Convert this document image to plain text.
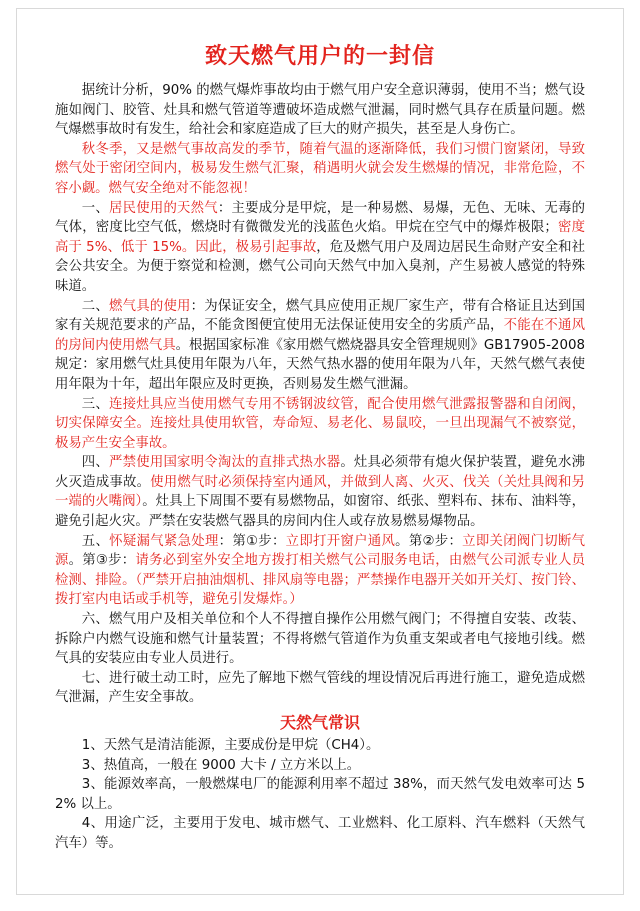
致天燃气用户的一封信

据统计分析，90% 的燃气爆炸事故均由于燃气用户安全意识薄弱，使用不当；燃气设施如阀门、胶管、灶具和燃气管道等遭破坏造成燃气泄漏，同时燃气具存在质量问题。燃气爆燃事故时有发生，给社会和家庭造成了巨大的财产损失，甚至是人身伤亡。

秋冬季，又是燃气事故高发的季节，随着气温的逐渐降低，我们习惯门窗紧闭，导致燃气处于密闭空间内，极易发生燃气汇聚，稍遇明火就会发生燃爆的情况，非常危险，不容小觑。燃气安全绝对不能忽视！

一、居民使用的天然气：主要成分是甲烷，是一种易燃、易爆，无色、无味、无毒的气体，密度比空气低，燃烧时有微微发光的浅蓝色火焰。甲烷在空气中的爆炸极限；密度高于 5%、低于 15%。因此，极易引起事故，危及燃气用户及周边居民生命财产安全和社会公共安全。为便于察觉和检测，燃气公司向天然气中加入臭剂，产生易被人感觉的特殊味道。

二、燃气具的使用：为保证安全，燃气具应使用正规厂家生产，带有合格证且达到国家有关规范要求的产品，不能贪图便宜使用无法保证使用安全的劣质产品，不能在不通风的房间内使用燃气具。根据国家标准《家用燃气燃烧器具安全管理规则》GB17905-2008 规定：家用燃气灶具使用年限为八年，天然气热水器的使用年限为八年，天然气燃气表使用年限为十年，超出年限应及时更换，否则易发生燃气泄漏。

三、连接灶具应当使用燃气专用不锈钢波纹管，配合使用燃气泄露报警器和自闭阀，切实保障安全。连接灶具使用软管，寿命短、易老化、易鼠咬，一旦出现漏气不被察觉，极易产生安全事故。

四、严禁使用国家明令淘汰的直排式热水器。灶具必须带有熄火保护装置，避免水沸火灭造成事故。使用燃气时必须保持室内通风，并做到人离、火灭、伐关（关灶具阀和另一端的火嘴阀）。灶具上下周围不要有易燃物品，如窗帘、纸张、塑料布、抹布、油料等，避免引起火灾。严禁在安装燃气器具的房间内住人或存放易燃易爆物品。

五、怀疑漏气紧急处理：第①步：立即打开窗户通风。第②步：立即关闭阀门切断气源。第③步：请务必到室外安全地方拨打相关燃气公司服务电话，由燃气公司派专业人员检测、排险。（严禁开启抽油烟机、排风扇等电器；严禁操作电器开关如开关灯、按门铃、拨打室内电话或手机等，避免引发爆炸。）

六、燃气用户及相关单位和个人不得擅自操作公用燃气阀门；不得擅自安装、改装、拆除户内燃气设施和燃气计量装置；不得将燃气管道作为负重支架或者电气接地引线。燃气具的安装应由专业人员进行。

七、进行破土动工时，应先了解地下燃气管线的埋设情况后再进行施工，避免造成燃气泄漏，产生安全事故。

天然气常识

1、天然气是清洁能源，主要成份是甲烷（CH4）。

3、热值高，一般在 9000 大卡 / 立方米以上。

3、能源效率高，一般燃煤电厂的能源利用率不超过 38%，而天然气发电效率可达 52% 以上。

4、用途广泛，主要用于发电、城市燃气、工业燃料、化工原料、汽车燃料（天然气汽车）等。
